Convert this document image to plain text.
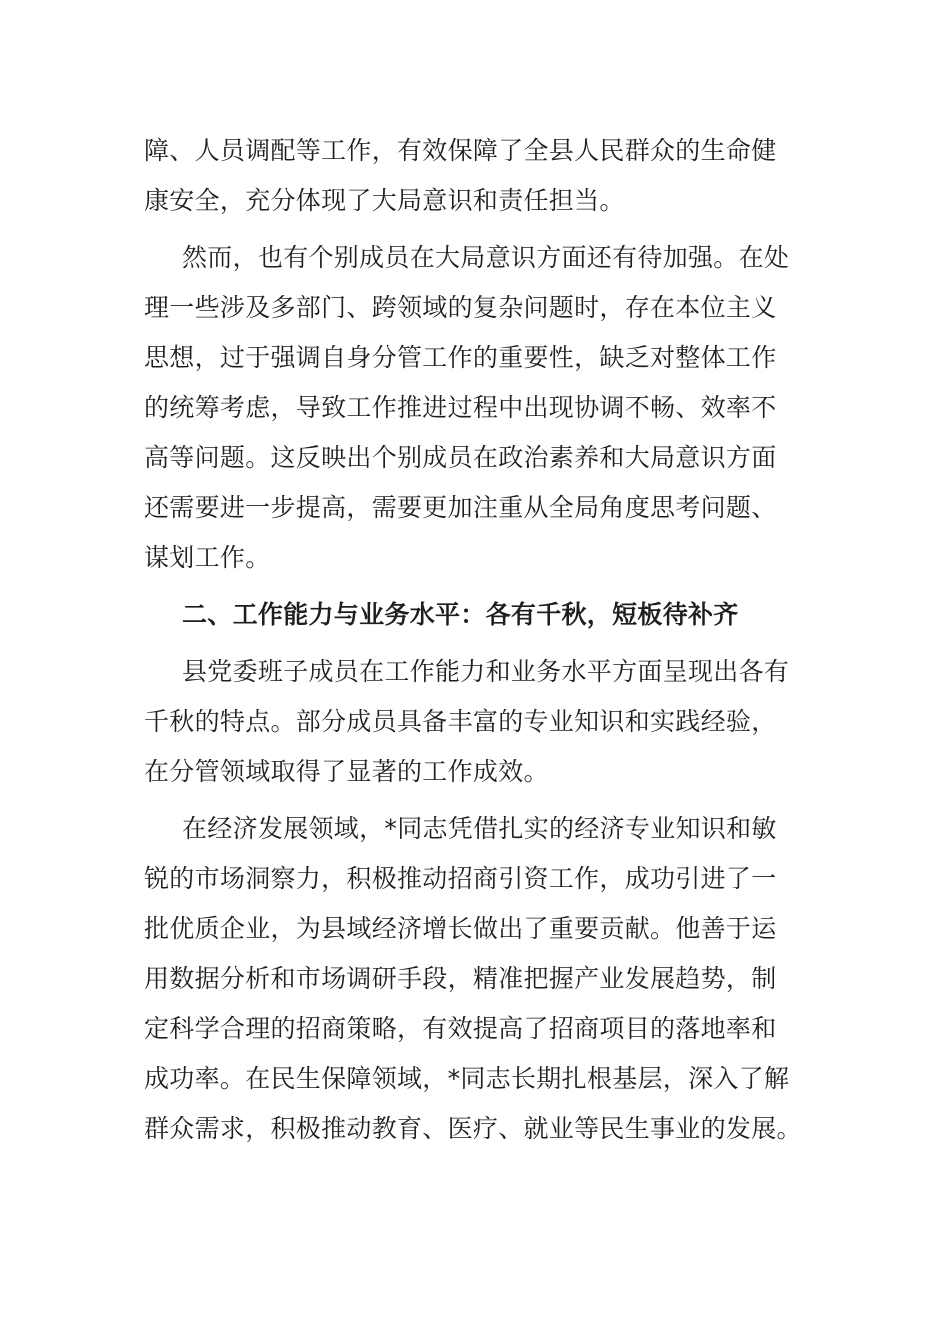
障、人员调配等工作，有效保障了全县人民群众的生命健
康安全，充分体现了大局意识和责任担当。
然而，也有个别成员在大局意识方面还有待加强。在处
理一些涉及多部门、跨领域的复杂问题时，存在本位主义
思想，过于强调自身分管工作的重要性，缺乏对整体工作
的统筹考虑，导致工作推进过程中出现协调不畅、效率不
高等问题。这反映出个别成员在政治素养和大局意识方面
还需要进一步提高，需要更加注重从全局角度思考问题、
谋划工作。
二、工作能力与业务水平：各有千秋，短板待补齐
县党委班子成员在工作能力和业务水平方面呈现出各有
千秋的特点。部分成员具备丰富的专业知识和实践经验，
在分管领域取得了显著的工作成效。
在经济发展领域，*同志凭借扎实的经济专业知识和敏
锐的市场洞察力，积极推动招商引资工作，成功引进了一
批优质企业，为县域经济增长做出了重要贡献。他善于运
用数据分析和市场调研手段，精准把握产业发展趋势，制
定科学合理的招商策略，有效提高了招商项目的落地率和
成功率。在民生保障领域，*同志长期扎根基层，深入了解
群众需求，积极推动教育、医疗、就业等民生事业的发展。
